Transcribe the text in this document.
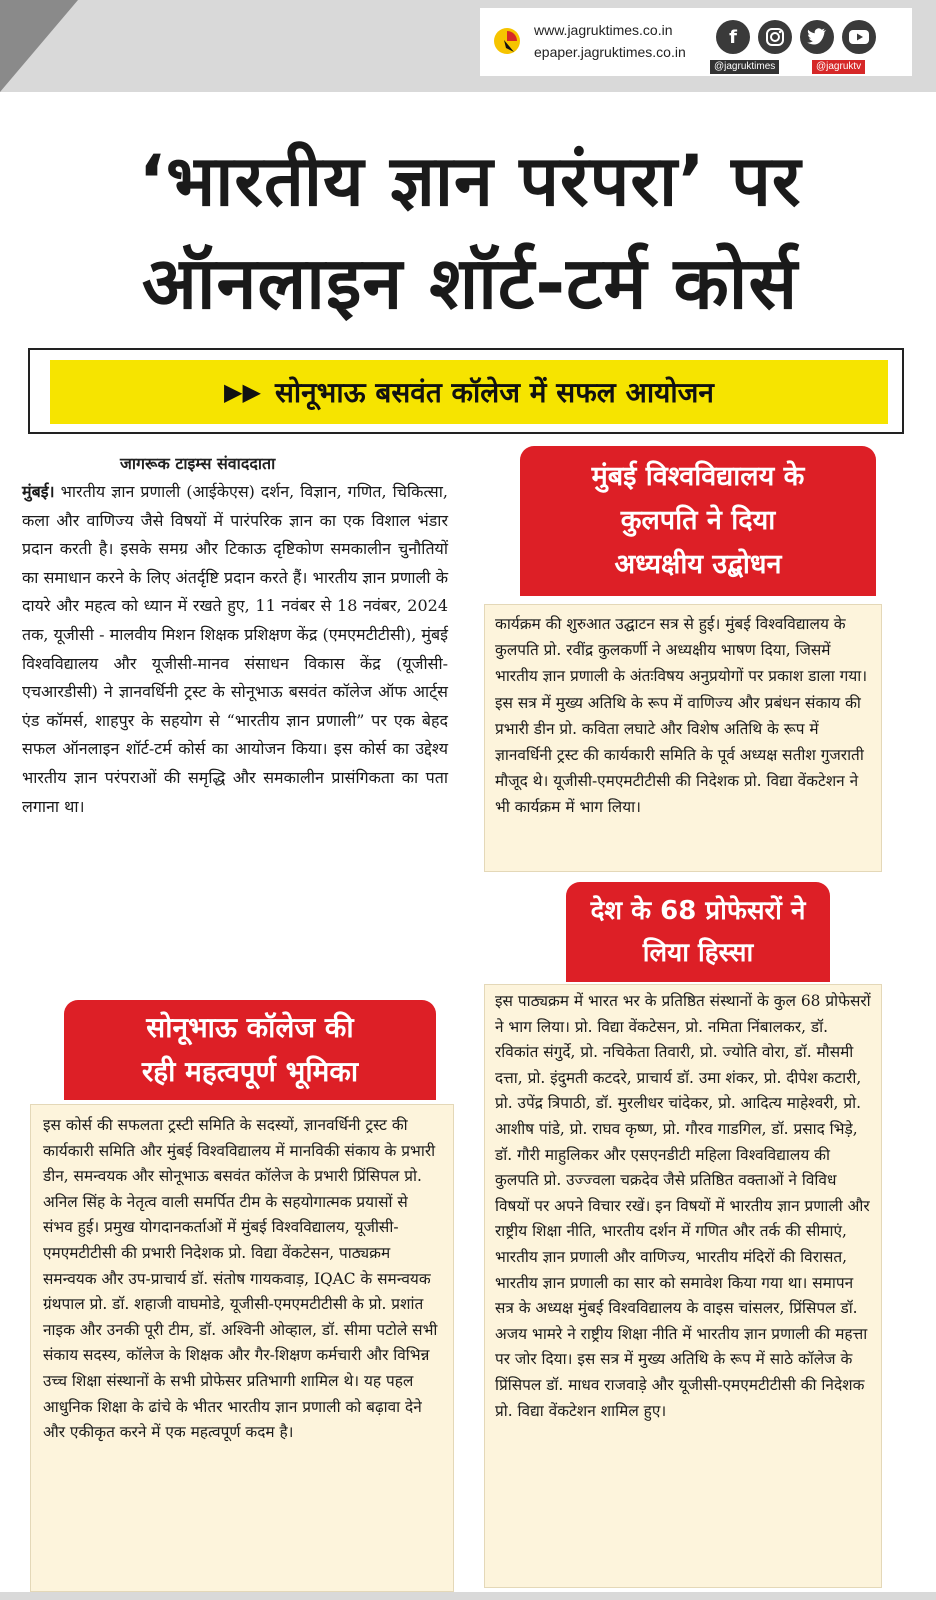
www.jagruktimes.co.in
epaper.jagruktimes.co.in
f
@jagruktimes	@jagruktv
‘भारतीय ज्ञान परंपरा’ पर
ऑनलाइन शॉर्ट-टर्म कोर्स
▶▶ सोनूभाऊ बसवंत कॉलेज में सफल आयोजन
जागरूक टाइम्स संवाददाता
मुंबई। भारतीय ज्ञान प्रणाली (आईकेएस) दर्शन, विज्ञान, गणित, चिकित्सा, कला और वाणिज्य जैसे विषयों में पारंपरिक ज्ञान का एक विशाल भंडार प्रदान करती है। इसके समग्र और टिकाऊ दृष्टिकोण समकालीन चुनौतियों का समाधान करने के लिए अंतर्दृष्टि प्रदान करते हैं। भारतीय ज्ञान प्रणाली के दायरे और महत्व को ध्यान में रखते हुए, 11 नवंबर से 18 नवंबर, 2024 तक, यूजीसी - मालवीय मिशन शिक्षक प्रशिक्षण केंद्र (एमएमटीटीसी), मुंबई विश्वविद्यालय और यूजीसी-मानव संसाधन विकास केंद्र (यूजीसी-एचआरडीसी) ने ज्ञानवर्धिनी ट्रस्ट के सोनूभाऊ बसवंत कॉलेज ऑफ आर्ट्स एंड कॉमर्स, शाहपुर के सहयोग से “भारतीय ज्ञान प्रणाली” पर एक बेहद सफल ऑनलाइन शॉर्ट-टर्म कोर्स का आयोजन किया। इस कोर्स का उद्देश्य भारतीय ज्ञान परंपराओं की समृद्धि और समकालीन प्रासंगिकता का पता लगाना था।
मुंबई विश्वविद्यालय के
कुलपति ने दिया
अध्यक्षीय उद्बोधन
कार्यक्रम की शुरुआत उद्घाटन सत्र से हुई। मुंबई विश्वविद्यालय के कुलपति प्रो. रवींद्र कुलकर्णी ने अध्यक्षीय भाषण दिया, जिसमें भारतीय ज्ञान प्रणाली के अंतःविषय अनुप्रयोगों पर प्रकाश डाला गया। इस सत्र में मुख्य अतिथि के रूप में वाणिज्य और प्रबंधन संकाय की प्रभारी डीन प्रो. कविता लघाटे और विशेष अतिथि के रूप में ज्ञानवर्धिनी ट्रस्ट की कार्यकारी समिति के पूर्व अध्यक्ष सतीश गुजराती मौजूद थे। यूजीसी-एमएमटीटीसी की निदेशक प्रो. विद्या वेंकटेशन ने भी कार्यक्रम में भाग लिया।
देश के 68 प्रोफेसरों ने
लिया हिस्सा
इस पाठ्यक्रम में भारत भर के प्रतिष्ठित संस्थानों के कुल 68 प्रोफेसरों ने भाग लिया। प्रो. विद्या वेंकटेसन, प्रो. नमिता निंबालकर, डॉ. रविकांत संगुर्दे, प्रो. नचिकेता तिवारी, प्रो. ज्योति वोरा, डॉ. मौसमी दत्ता, प्रो. इंदुमती कटदरे, प्राचार्य डॉ. उमा शंकर, प्रो. दीपेश कटारी, प्रो. उपेंद्र त्रिपाठी, डॉ. मुरलीधर चांदेकर, प्रो. आदित्य माहेश्वरी, प्रो. आशीष पांडे, प्रो. राघव कृष्ण, प्रो. गौरव गाडगिल, डॉ. प्रसाद भिड़े, डॉ. गौरी माहुलिकर और एसएनडीटी महिला विश्वविद्यालय की कुलपति प्रो. उज्ज्वला चक्रदेव जैसे प्रतिष्ठित वक्ताओं ने विविध विषयों पर अपने विचार रखें। इन विषयों में भारतीय ज्ञान प्रणाली और राष्ट्रीय शिक्षा नीति, भारतीय दर्शन में गणित और तर्क की सीमाएं, भारतीय ज्ञान प्रणाली और वाणिज्य, भारतीय मंदिरों की विरासत, भारतीय ज्ञान प्रणाली का सार को समावेश किया गया था। समापन सत्र के अध्यक्ष मुंबई विश्वविद्यालय के वाइस चांसलर, प्रिंसिपल डॉ. अजय भामरे ने राष्ट्रीय शिक्षा नीति में भारतीय ज्ञान प्रणाली की महत्ता पर जोर दिया। इस सत्र में मुख्य अतिथि के रूप में साठे कॉलेज के प्रिंसिपल डॉ. माधव राजवाड़े और यूजीसी-एमएमटीटीसी की निदेशक प्रो. विद्या वेंकटेशन शामिल हुए।
सोनूभाऊ कॉलेज की
रही महत्वपूर्ण भूमिका
इस कोर्स की सफलता ट्रस्टी समिति के सदस्यों, ज्ञानवर्धिनी ट्रस्ट की कार्यकारी समिति और मुंबई विश्वविद्यालय में मानविकी संकाय के प्रभारी डीन, समन्वयक और सोनूभाऊ बसवंत कॉलेज के प्रभारी प्रिंसिपल प्रो. अनिल सिंह के नेतृत्व वाली समर्पित टीम के सहयोगात्मक प्रयासों से संभव हुई। प्रमुख योगदानकर्ताओं में मुंबई विश्वविद्यालय, यूजीसी-एमएमटीटीसी की प्रभारी निदेशक प्रो. विद्या वेंकटेसन, पाठ्यक्रम समन्वयक और उप-प्राचार्य डॉ. संतोष गायकवाड़, IQAC के समन्वयक ग्रंथपाल प्रो. डॉ. शहाजी वाघमोडे, यूजीसी-एमएमटीटीसी के प्रो. प्रशांत नाइक और उनकी पूरी टीम, डॉ. अश्विनी ओव्हाल, डॉ. सीमा पटोले सभी संकाय सदस्य, कॉलेज के शिक्षक और गैर-शिक्षण कर्मचारी और विभिन्न उच्च शिक्षा संस्थानों के सभी प्रोफेसर प्रतिभागी शामिल थे। यह पहल आधुनिक शिक्षा के ढांचे के भीतर भारतीय ज्ञान प्रणाली को बढ़ावा देने और एकीकृत करने में एक महत्वपूर्ण कदम है।
